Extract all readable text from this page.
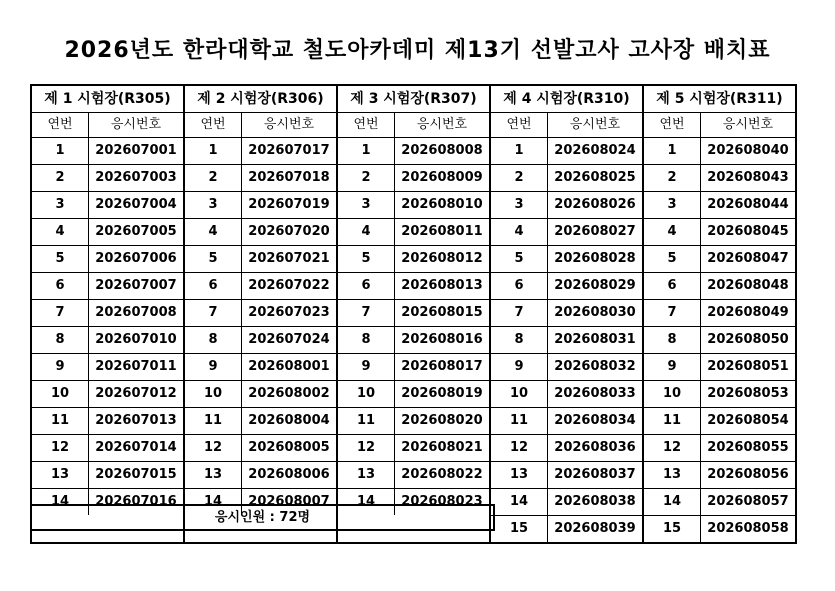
2026년도 한라대학교 철도아카데미 제13기 선발고사 고사장 배치표
제 1 시험장(R305)
연번	응시번호
1	202607001
2	202607003
3	202607004
4	202607005
5	202607006
6	202607007
7	202607008
8	202607010
9	202607011
10	202607012
11	202607013
12	202607014
13	202607015
14	202607016
제 2 시험장(R306)
연번	응시번호
1	202607017
2	202607018
3	202607019
4	202607020
5	202607021
6	202607022
7	202607023
8	202607024
9	202608001
10	202608002
11	202608004
12	202608005
13	202608006
14	202608007
제 3 시험장(R307)
연번	응시번호
1	202608008
2	202608009
3	202608010
4	202608011
5	202608012
6	202608013
7	202608015
8	202608016
9	202608017
10	202608019
11	202608020
12	202608021
13	202608022
14	202608023
제 4 시험장(R310)
연번	응시번호
1	202608024
2	202608025
3	202608026
4	202608027
5	202608028
6	202608029
7	202608030
8	202608031
9	202608032
10	202608033
11	202608034
12	202608036
13	202608037
14	202608038
15	202608039
제 5 시험장(R311)
연번	응시번호
1	202608040
2	202608043
3	202608044
4	202608045
5	202608047
6	202608048
7	202608049
8	202608050
9	202608051
10	202608053
11	202608054
12	202608055
13	202608056
14	202608057
15	202608058
응시인원 : 72명
